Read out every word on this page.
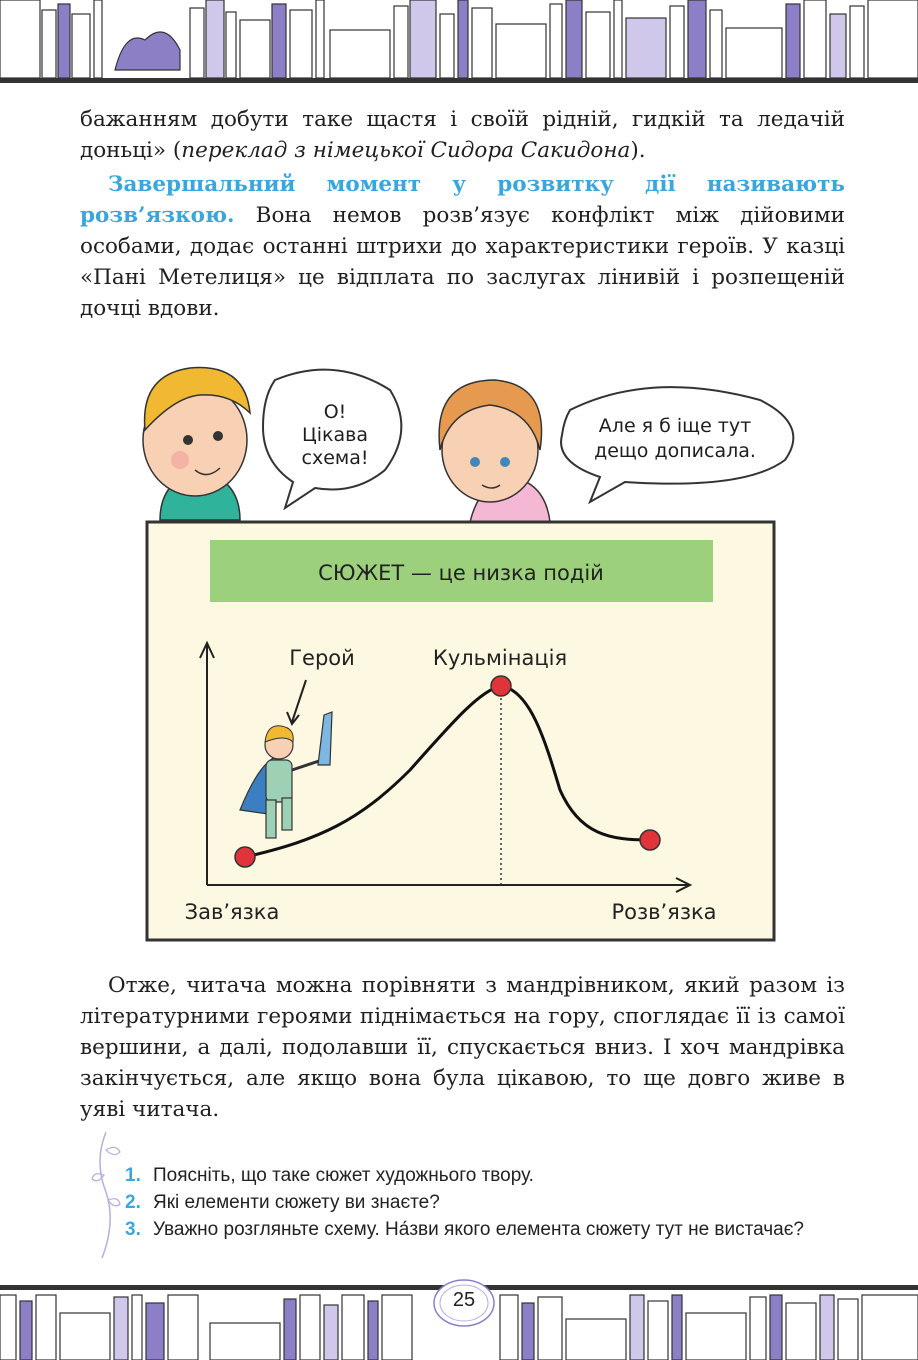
бажанням добути таке щастя і своїй рідній, гидкій та ледачій доньці» (переклад з німецької Сидора Сакидона).

Завершальний момент у розвитку дії називають розв’язкою. Вона немов розв’язує конфлікт між дійовими особами, додає останні штрихи до характеристики героїв. У казці «Пані Метелиця» це відплата по заслугах лінивій і розпещеній дочці вдови.

О!
Цікава
схема!
Але я б іще тут
дещо дописала.
СЮЖЕТ — це низка подій
Герой	Кульмінація
Зав’язка	Розв’язка

Отже, читача можна порівняти з мандрівником, який разом із літературними героями піднімається на гору, споглядає її із самої вершини, а далі, подолавши її, спускається вниз. І хоч мандрівка закінчується, але якщо вона була цікавою, то ще довго живе в уяві читача.

1. Поясніть, що таке сюжет художнього твору.
2. Які елементи сюжету ви знаєте?
3. Уважно розгляньте схему. На́зви якого елемента сюжету тут не вистачає?
25
